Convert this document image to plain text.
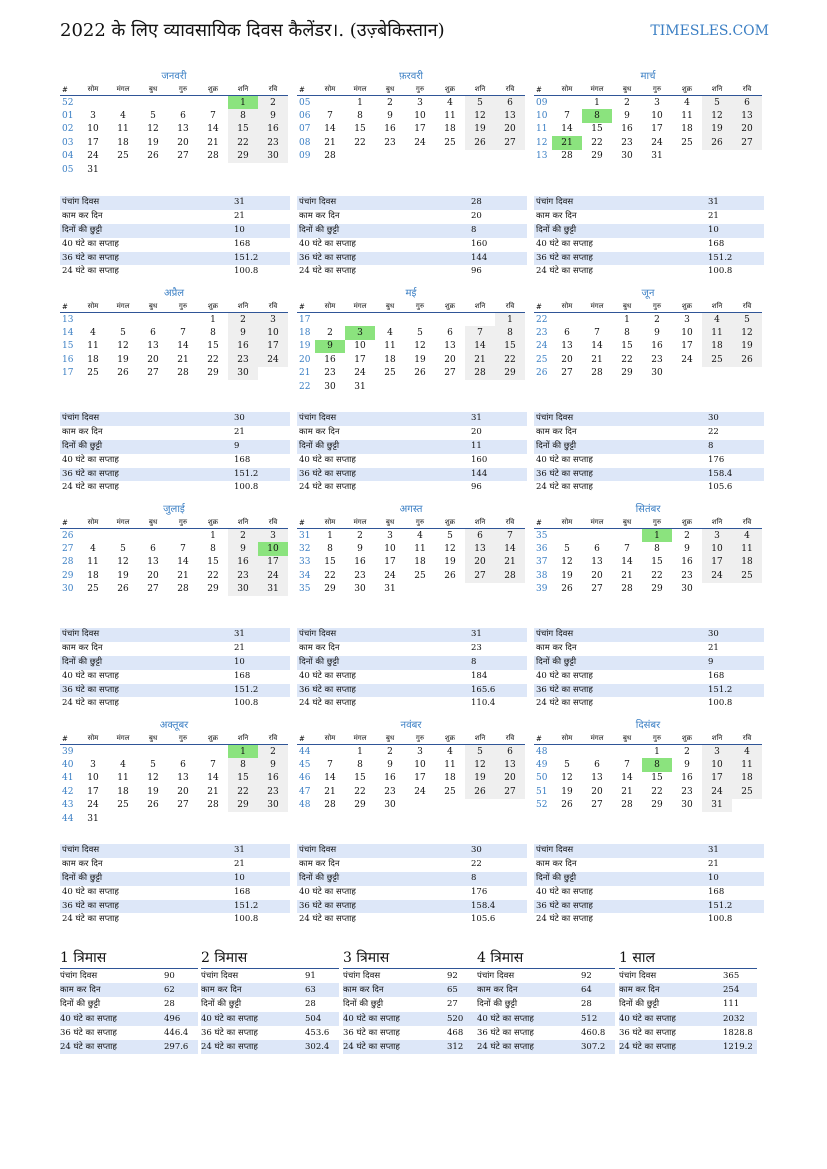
2022 के लिए व्यावसायिक दिवस कैलेंडर।. (उज़्बेकिस्तान)	TIMESLES.COM
जनवरी
#	सोम	मंगल	बुध	गुरु	शुक्र	शनि	रवि
52						1	2
01	3	4	5	6	7	8	9
02	10	11	12	13	14	15	16
03	17	18	19	20	21	22	23
04	24	25	26	27	28	29	30
05	31						
पंचांग दिवस	31
काम कर दिन	21
दिनों की छुट्टी	10
40 घंटे का सप्ताह	168
36 घंटे का सप्ताह	151.2
24 घंटे का सप्ताह	100.8
फ़रवरी
#	सोम	मंगल	बुध	गुरु	शुक्र	शनि	रवि
05		1	2	3	4	5	6
06	7	8	9	10	11	12	13
07	14	15	16	17	18	19	20
08	21	22	23	24	25	26	27
09	28						
पंचांग दिवस	28
काम कर दिन	20
दिनों की छुट्टी	8
40 घंटे का सप्ताह	160
36 घंटे का सप्ताह	144
24 घंटे का सप्ताह	96
मार्च
#	सोम	मंगल	बुध	गुरु	शुक्र	शनि	रवि
09		1	2	3	4	5	6
10	7	8	9	10	11	12	13
11	14	15	16	17	18	19	20
12	21	22	23	24	25	26	27
13	28	29	30	31			
पंचांग दिवस	31
काम कर दिन	21
दिनों की छुट्टी	10
40 घंटे का सप्ताह	168
36 घंटे का सप्ताह	151.2
24 घंटे का सप्ताह	100.8
अप्रैल
#	सोम	मंगल	बुध	गुरु	शुक्र	शनि	रवि
13					1	2	3
14	4	5	6	7	8	9	10
15	11	12	13	14	15	16	17
16	18	19	20	21	22	23	24
17	25	26	27	28	29	30	
पंचांग दिवस	30
काम कर दिन	21
दिनों की छुट्टी	9
40 घंटे का सप्ताह	168
36 घंटे का सप्ताह	151.2
24 घंटे का सप्ताह	100.8
मई
#	सोम	मंगल	बुध	गुरु	शुक्र	शनि	रवि
17							1
18	2	3	4	5	6	7	8
19	9	10	11	12	13	14	15
20	16	17	18	19	20	21	22
21	23	24	25	26	27	28	29
22	30	31					
पंचांग दिवस	31
काम कर दिन	20
दिनों की छुट्टी	11
40 घंटे का सप्ताह	160
36 घंटे का सप्ताह	144
24 घंटे का सप्ताह	96
जून
#	सोम	मंगल	बुध	गुरु	शुक्र	शनि	रवि
22			1	2	3	4	5
23	6	7	8	9	10	11	12
24	13	14	15	16	17	18	19
25	20	21	22	23	24	25	26
26	27	28	29	30			
पंचांग दिवस	30
काम कर दिन	22
दिनों की छुट्टी	8
40 घंटे का सप्ताह	176
36 घंटे का सप्ताह	158.4
24 घंटे का सप्ताह	105.6
जुलाई
#	सोम	मंगल	बुध	गुरु	शुक्र	शनि	रवि
26					1	2	3
27	4	5	6	7	8	9	10
28	11	12	13	14	15	16	17
29	18	19	20	21	22	23	24
30	25	26	27	28	29	30	31
पंचांग दिवस	31
काम कर दिन	21
दिनों की छुट्टी	10
40 घंटे का सप्ताह	168
36 घंटे का सप्ताह	151.2
24 घंटे का सप्ताह	100.8
अगस्त
#	सोम	मंगल	बुध	गुरु	शुक्र	शनि	रवि
31	1	2	3	4	5	6	7
32	8	9	10	11	12	13	14
33	15	16	17	18	19	20	21
34	22	23	24	25	26	27	28
35	29	30	31				
पंचांग दिवस	31
काम कर दिन	23
दिनों की छुट्टी	8
40 घंटे का सप्ताह	184
36 घंटे का सप्ताह	165.6
24 घंटे का सप्ताह	110.4
सितंबर
#	सोम	मंगल	बुध	गुरु	शुक्र	शनि	रवि
35				1	2	3	4
36	5	6	7	8	9	10	11
37	12	13	14	15	16	17	18
38	19	20	21	22	23	24	25
39	26	27	28	29	30		
पंचांग दिवस	30
काम कर दिन	21
दिनों की छुट्टी	9
40 घंटे का सप्ताह	168
36 घंटे का सप्ताह	151.2
24 घंटे का सप्ताह	100.8
अक्तूबर
#	सोम	मंगल	बुध	गुरु	शुक्र	शनि	रवि
39						1	2
40	3	4	5	6	7	8	9
41	10	11	12	13	14	15	16
42	17	18	19	20	21	22	23
43	24	25	26	27	28	29	30
44	31						
पंचांग दिवस	31
काम कर दिन	21
दिनों की छुट्टी	10
40 घंटे का सप्ताह	168
36 घंटे का सप्ताह	151.2
24 घंटे का सप्ताह	100.8
नवंबर
#	सोम	मंगल	बुध	गुरु	शुक्र	शनि	रवि
44		1	2	3	4	5	6
45	7	8	9	10	11	12	13
46	14	15	16	17	18	19	20
47	21	22	23	24	25	26	27
48	28	29	30				
पंचांग दिवस	30
काम कर दिन	22
दिनों की छुट्टी	8
40 घंटे का सप्ताह	176
36 घंटे का सप्ताह	158.4
24 घंटे का सप्ताह	105.6
दिसंबर
#	सोम	मंगल	बुध	गुरु	शुक्र	शनि	रवि
48				1	2	3	4
49	5	6	7	8	9	10	11
50	12	13	14	15	16	17	18
51	19	20	21	22	23	24	25
52	26	27	28	29	30	31	
पंचांग दिवस	31
काम कर दिन	21
दिनों की छुट्टी	10
40 घंटे का सप्ताह	168
36 घंटे का सप्ताह	151.2
24 घंटे का सप्ताह	100.8
1 त्रिमास
पंचांग दिवस	90
काम कर दिन	62
दिनों की छुट्टी	28
40 घंटे का सप्ताह	496
36 घंटे का सप्ताह	446.4
24 घंटे का सप्ताह	297.6
2 त्रिमास
पंचांग दिवस	91
काम कर दिन	63
दिनों की छुट्टी	28
40 घंटे का सप्ताह	504
36 घंटे का सप्ताह	453.6
24 घंटे का सप्ताह	302.4
3 त्रिमास
पंचांग दिवस	92
काम कर दिन	65
दिनों की छुट्टी	27
40 घंटे का सप्ताह	520
36 घंटे का सप्ताह	468
24 घंटे का सप्ताह	312
4 त्रिमास
पंचांग दिवस	92
काम कर दिन	64
दिनों की छुट्टी	28
40 घंटे का सप्ताह	512
36 घंटे का सप्ताह	460.8
24 घंटे का सप्ताह	307.2
1 साल
पंचांग दिवस	365
काम कर दिन	254
दिनों की छुट्टी	111
40 घंटे का सप्ताह	2032
36 घंटे का सप्ताह	1828.8
24 घंटे का सप्ताह	1219.2
